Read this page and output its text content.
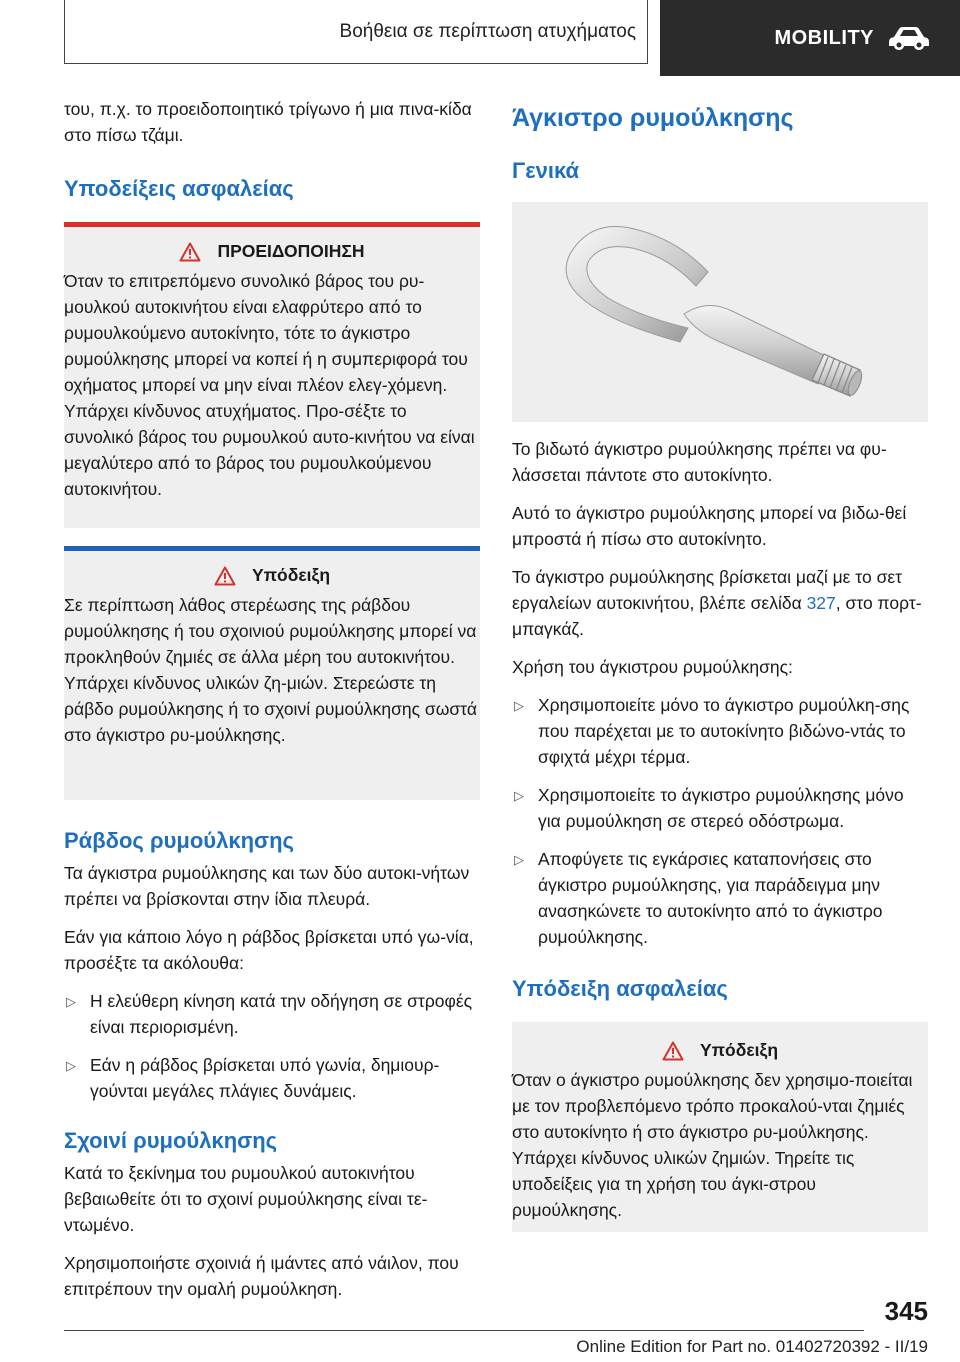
Βοήθεια σε περίπτωση ατυχήματος	MOBILITY

του, π.χ. το προειδοποιητικό τρίγωνο ή μια πινα-κίδα στο πίσω τζάμι.

Υποδείξεις ασφαλείας
ΠΡΟΕΙΔΟΠΟΙΗΣΗ

Όταν το επιτρεπόμενο συνολικό βάρος του ρυ-μουλκού αυτοκινήτου είναι ελαφρύτερο από το ρυμουλκούμενο αυτοκίνητο, τότε το άγκιστρο ρυμούλκησης μπορεί να κοπεί ή η συμπεριφορά του οχήματος μπορεί να μην είναι πλέον ελεγ-χόμενη. Υπάρχει κίνδυνος ατυχήματος. Προ-σέξτε το συνολικό βάρος του ρυμουλκού αυτο-κινήτου να είναι μεγαλύτερο από το βάρος του ρυμουλκούμενου αυτοκινήτου.

Υπόδειξη

Σε περίπτωση λάθος στερέωσης της ράβδου ρυμούλκησης ή του σχοινιού ρυμούλκησης μπορεί να προκληθούν ζημιές σε άλλα μέρη του αυτοκινήτου. Υπάρχει κίνδυνος υλικών ζη-μιών. Στερεώστε τη ράβδο ρυμούλκησης ή το σχοινί ρυμούλκησης σωστά στο άγκιστρο ρυ-μούλκησης.

Ράβδος ρυμούλκησης

Τα άγκιστρα ρυμούλκησης και των δύο αυτοκι-νήτων πρέπει να βρίσκονται στην ίδια πλευρά.

Εάν για κάποιο λόγο η ράβδος βρίσκεται υπό γω-νία, προσέξτε τα ακόλουθα:

▷ Η ελεύθερη κίνηση κατά την οδήγηση σε στροφές είναι περιορισμένη.
▷ Εάν η ράβδος βρίσκεται υπό γωνία, δημιουρ-γούνται μεγάλες πλάγιες δυνάμεις.
Σχοινί ρυμούλκησης

Κατά το ξεκίνημα του ρυμουλκού αυτοκινήτου βεβαιωθείτε ότι το σχοινί ρυμούλκησης είναι τε-ντωμένο.

Χρησιμοποιήστε σχοινιά ή ιμάντες από νάιλον, που επιτρέπουν την ομαλή ρυμούλκηση.

Άγκιστρο ρυμούλκησης
Γενικά

Το βιδωτό άγκιστρο ρυμούλκησης πρέπει να φυ-λάσσεται πάντοτε στο αυτοκίνητο.

Αυτό το άγκιστρο ρυμούλκησης μπορεί να βιδω-θεί μπροστά ή πίσω στο αυτοκίνητο.

Το άγκιστρο ρυμούλκησης βρίσκεται μαζί με το σετ εργαλείων αυτοκινήτου, βλέπε σελίδα 327, στο πορτ-μπαγκάζ.

Χρήση του άγκιστρου ρυμούλκησης:

▷ Χρησιμοποιείτε μόνο το άγκιστρο ρυμούλκη-σης που παρέχεται με το αυτοκίνητο βιδώνο-ντάς το σφιχτά μέχρι τέρμα.
▷ Χρησιμοποιείτε το άγκιστρο ρυμούλκησης μόνο για ρυμούλκηση σε στερεό οδόστρωμα.
▷ Αποφύγετε τις εγκάρσιες καταπονήσεις στο άγκιστρο ρυμούλκησης, για παράδειγμα μην ανασηκώνετε το αυτοκίνητο από το άγκιστρο ρυμούλκησης.
Υπόδειξη ασφαλείας
Υπόδειξη

Όταν ο άγκιστρο ρυμούλκησης δεν χρησιμο-ποιείται με τον προβλεπόμενο τρόπο προκαλού-νται ζημιές στο αυτοκίνητο ή στο άγκιστρο ρυ-μούλκησης. Υπάρχει κίνδυνος υλικών ζημιών. Τηρείτε τις υποδείξεις για τη χρήση του άγκι-στρου ρυμούλκησης.

345
Online Edition for Part no. 01402720392 - II/19
